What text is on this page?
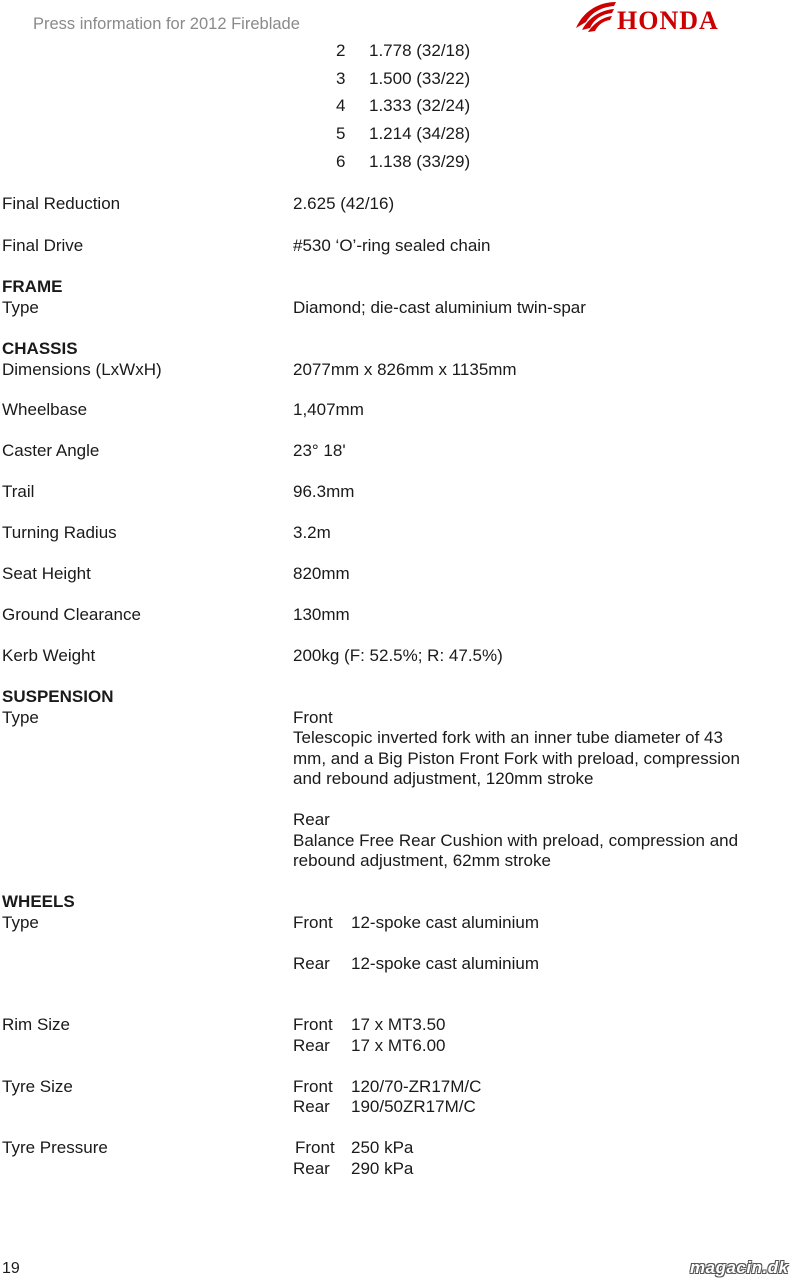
Press information for 2012 Fireblade	HONDA
2 1.778 (32/18)
3 1.500 (33/22)
4 1.333 (32/24)
5 1.214 (34/28)
6 1.138 (33/29)
Final Reduction	2.625 (42/16)
Final Drive	#530 ‘O’-ring sealed chain
FRAME
Type	Diamond; die-cast aluminium twin-spar
CHASSIS
Dimensions (LxWxH)	2077mm x 826mm x 1135mm
Wheelbase	1,407mm
Caster Angle	23° 18'
Trail	96.3mm
Turning Radius	3.2m
Seat Height	820mm
Ground Clearance	130mm
Kerb Weight	200kg (F: 52.5%; R: 47.5%)
SUSPENSION
Type	Front
Telescopic inverted fork with an inner tube diameter of 43
mm, and a Big Piston Front Fork with preload, compression
and rebound adjustment, 120mm stroke
Rear
Balance Free Rear Cushion with preload, compression and
rebound adjustment, 62mm stroke
WHEELS
Type	Front 12-spoke cast aluminium
Rear 12-spoke cast aluminium
Rim Size	Front 17 x MT3.50
Rear 17 x MT6.00
Tyre Size	Front 120/70-ZR17M/C
Rear 190/50ZR17M/C
Tyre Pressure	Front 250 kPa
Rear 290 kPa
19	magacin.dk
